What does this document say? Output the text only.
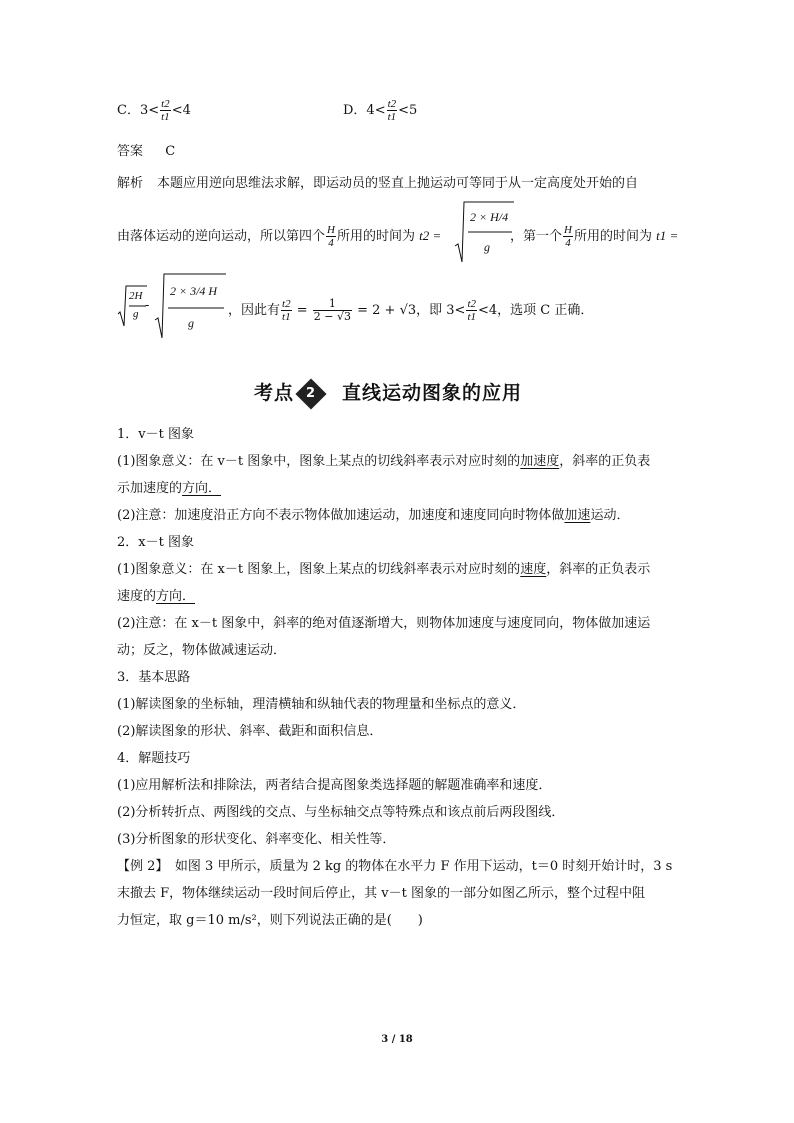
C．$3< \frac{t2}{t1} <4$	D．$4< \frac{t2}{t1} <5$
答案 C
解析 本题应用逆向思维法求解，即运动员的竖直上抛运动可等同于从一定高度处开始的自
由落体运动的逆向运动，所以第四个 $\frac{H}{4}$ 所用的时间为 t2 =
2 × H/4
g
，第一个 $\frac{H}{4}$ 所用的时间为 t1 =
2H
g
-
2 × 3/4 H
g
，因此有 $\frac{t2}{t1} = \frac{1}{2 - √3} = 2 + √3$，即 $3< \frac{t2}{t1} <4$，选项 C 正确．
考点 2	直线运动图象的应用
1．v－t 图象
(1)图象意义：在 v－t 图象中，图象上某点的切线斜率表示对应时刻的加速度，斜率的正负表
示加速度的方向．
(2)注意：加速度沿正方向不表示物体做加速运动，加速度和速度同向时物体做加速运动．
2．x－t 图象
(1)图象意义：在 x－t 图象上，图象上某点的切线斜率表示对应时刻的速度，斜率的正负表示
速度的方向．
(2)注意：在 x－t 图象中，斜率的绝对值逐渐增大，则物体加速度与速度同向，物体做加速运
动；反之，物体做减速运动．
3．基本思路
(1)解读图象的坐标轴，理清横轴和纵轴代表的物理量和坐标点的意义．
(2)解读图象的形状、斜率、截距和面积信息．
4．解题技巧
(1)应用解析法和排除法，两者结合提高图象类选择题的解题准确率和速度．
(2)分析转折点、两图线的交点、与坐标轴交点等特殊点和该点前后两段图线．
(3)分析图象的形状变化、斜率变化、相关性等．
【例 2】　如图 3 甲所示，质量为 2 kg 的物体在水平力 F 作用下运动，t＝0 时刻开始计时，3 s
末撤去 F，物体继续运动一段时间后停止，其 v－t 图象的一部分如图乙所示，整个过程中阻
力恒定，取 g＝10 m/s²，则下列说法正确的是(　　)
3 / 18
